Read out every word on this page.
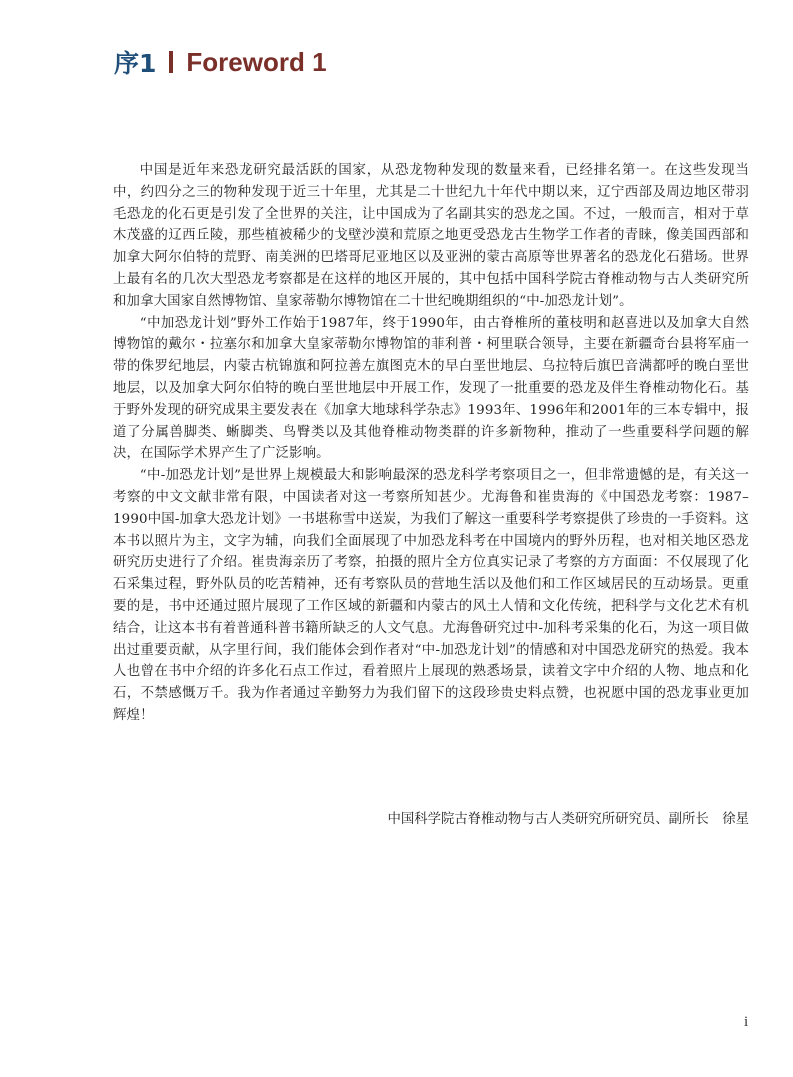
序1 Foreword 1

中国是近年来恐龙研究最活跃的国家，从恐龙物种发现的数量来看，已经排名第一。在这些发现当中，约四分之三的物种发现于近三十年里，尤其是二十世纪九十年代中期以来，辽宁西部及周边地区带羽毛恐龙的化石更是引发了全世界的关注，让中国成为了名副其实的恐龙之国。不过，一般而言，相对于草木茂盛的辽西丘陵，那些植被稀少的戈壁沙漠和荒原之地更受恐龙古生物学工作者的青睐，像美国西部和加拿大阿尔伯特的荒野、南美洲的巴塔哥尼亚地区以及亚洲的蒙古高原等世界著名的恐龙化石猎场。世界上最有名的几次大型恐龙考察都是在这样的地区开展的，其中包括中国科学院古脊椎动物与古人类研究所和加拿大国家自然博物馆、皇家蒂勒尔博物馆在二十世纪晚期组织的“中-加恐龙计划”。

“中加恐龙计划”野外工作始于1987年，终于1990年，由古脊椎所的董枝明和赵喜进以及加拿大自然博物馆的戴尔・拉塞尔和加拿大皇家蒂勒尔博物馆的菲利普・柯里联合领导，主要在新疆奇台县将军庙一带的侏罗纪地层，内蒙古杭锦旗和阿拉善左旗图克木的早白垩世地层、乌拉特后旗巴音满都呼的晚白垩世地层，以及加拿大阿尔伯特的晚白垩世地层中开展工作，发现了一批重要的恐龙及伴生脊椎动物化石。基于野外发现的研究成果主要发表在《加拿大地球科学杂志》1993年、1996年和2001年的三本专辑中，报道了分属兽脚类、蜥脚类、鸟臀类以及其他脊椎动物类群的许多新物种，推动了一些重要科学问题的解决，在国际学术界产生了广泛影响。

“中-加恐龙计划”是世界上规模最大和影响最深的恐龙科学考察项目之一，但非常遗憾的是，有关这一考察的中文文献非常有限，中国读者对这一考察所知甚少。尤海鲁和崔贵海的《中国恐龙考察：1987–1990中国-加拿大恐龙计划》一书堪称雪中送炭，为我们了解这一重要科学考察提供了珍贵的一手资料。这本书以照片为主，文字为辅，向我们全面展现了中加恐龙科考在中国境内的野外历程，也对相关地区恐龙研究历史进行了介绍。崔贵海亲历了考察，拍摄的照片全方位真实记录了考察的方方面面：不仅展现了化石采集过程，野外队员的吃苦精神，还有考察队员的营地生活以及他们和工作区域居民的互动场景。更重要的是，书中还通过照片展现了工作区域的新疆和内蒙古的风土人情和文化传统，把科学与文化艺术有机结合，让这本书有着普通科普书籍所缺乏的人文气息。尤海鲁研究过中-加科考采集的化石，为这一项目做出过重要贡献，从字里行间，我们能体会到作者对“中-加恐龙计划”的情感和对中国恐龙研究的热爱。我本人也曾在书中介绍的许多化石点工作过，看着照片上展现的熟悉场景，读着文字中介绍的人物、地点和化石，不禁感慨万千。我为作者通过辛勤努力为我们留下的这段珍贵史料点赞，也祝愿中国的恐龙事业更加辉煌！

中国科学院古脊椎动物与古人类研究所研究员、副所长　徐星
i
